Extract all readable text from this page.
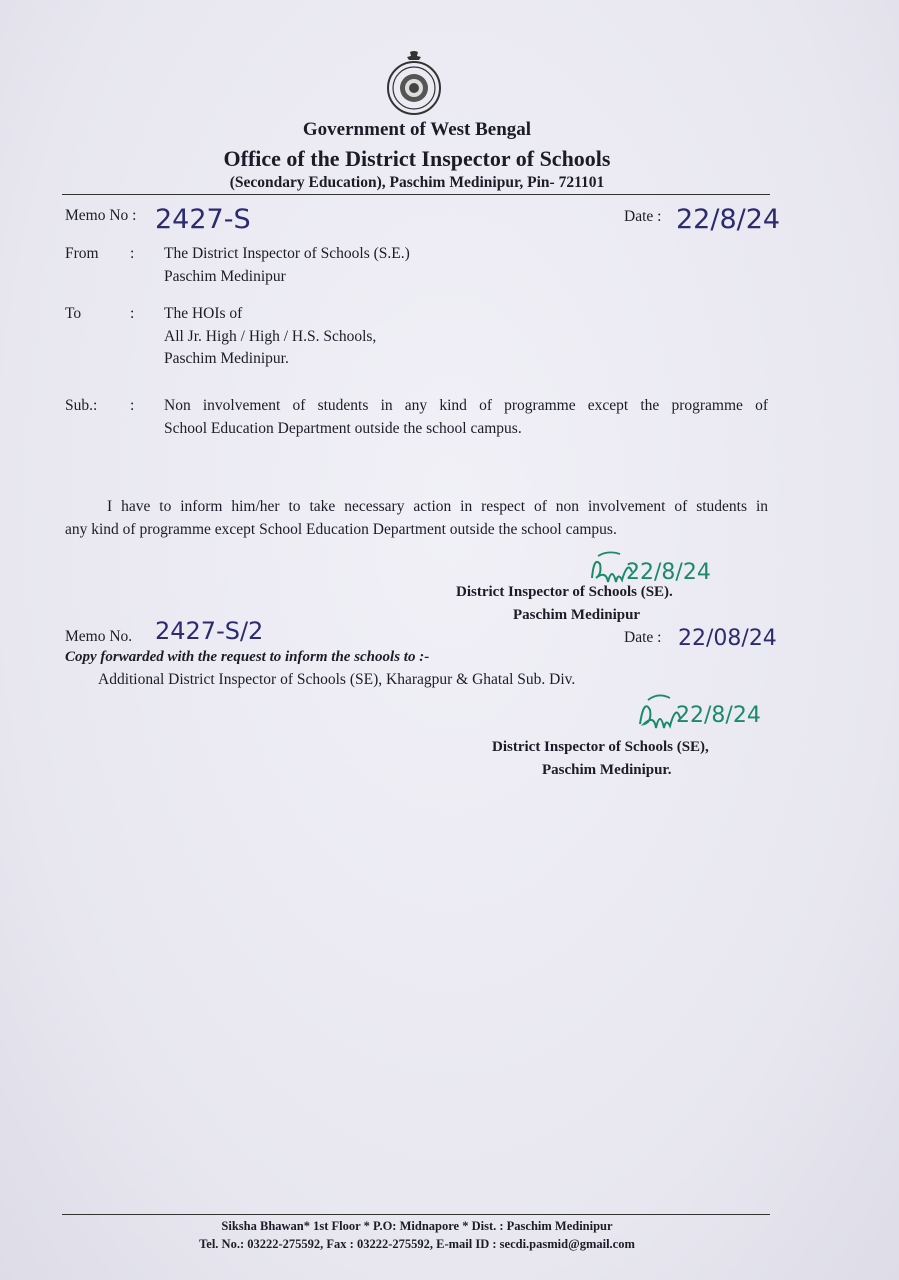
Government of West Bengal
Office of the District Inspector of Schools
(Secondary Education), Paschim Medinipur, Pin- 721101
Memo No : 2427-S	Date : 22/8/24
From : The District Inspector of Schools (S.E.)
Paschim Medinipur
To	: The HOIs of
All Jr. High / High / H.S. Schools,
Paschim Medinipur.
Sub.: : Non involvement of students in any kind of programme except the programme of
School Education Department outside the school campus.
I have to inform him/her to take necessary action in respect of non involvement of students in
any kind of programme except School Education Department outside the school campus.
22/8/24
District Inspector of Schools (SE).
Paschim Medinipur
Memo No. 2427-S/2	Date : 22/08/24
Copy forwarded with the request to inform the schools to :-
Additional District Inspector of Schools (SE), Kharagpur & Ghatal Sub. Div.
22/8/24
District Inspector of Schools (SE),
Paschim Medinipur.
Siksha Bhawan* 1st Floor * P.O: Midnapore * Dist. : Paschim Medinipur
Tel. No.: 03222-275592, Fax : 03222-275592, E-mail ID : secdi.pasmid@gmail.com
